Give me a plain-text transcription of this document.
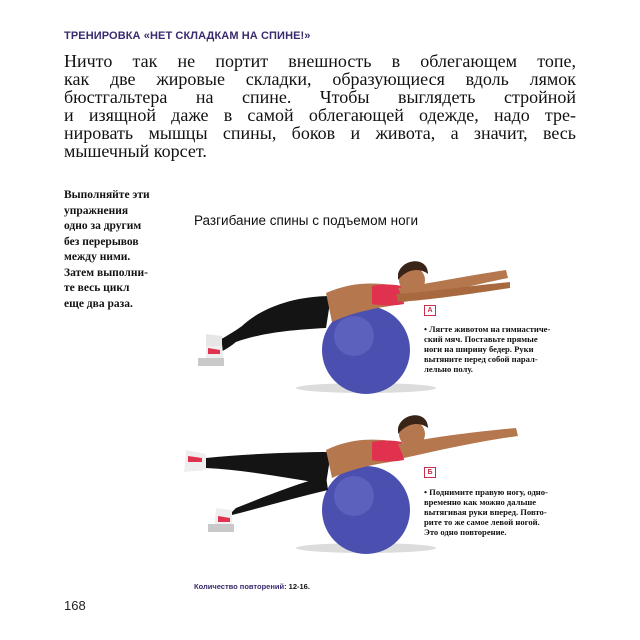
ТРЕНИРОВКА «НЕТ СКЛАДКАМ НА СПИНЕ!»
Ничто так не портит внешность в облегающем топе,
как две жировые складки, образующиеся вдоль лямок
бюстгальтера на спине. Чтобы выглядеть стройной
и изящной даже в самой облегающей одежде, надо тре-
нировать мышцы спины, боков и живота, а значит, весь
мышечный корсет.
Выполняйте эти
упражнения
одно за другим
без перерывов
между ними.
Затем выполни-
те весь цикл
еще два раза.
Разгибание спины с подъемом ноги
А
• Лягте животом на гимнастиче-
ский мяч. Поставьте прямые
ноги на ширину бедер. Руки
вытяните перед собой парал-
лельно полу.
Б
• Поднимите правую ногу, одно-
временно как можно дальше
вытягивая руки вперед. Повто-
рите то же самое левой ногой.
Это одно повторение.
Количество повторений: 12-16.
168
